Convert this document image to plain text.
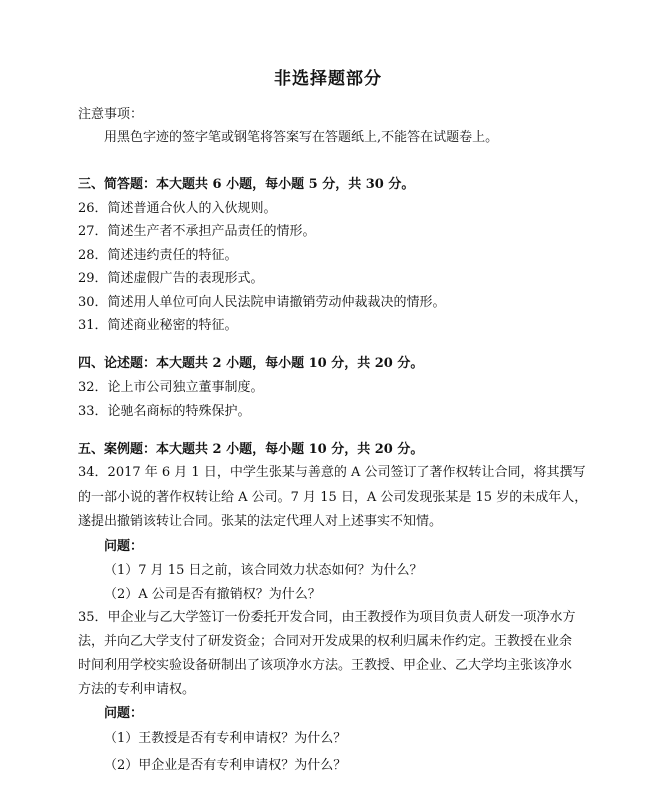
非选择题部分
注意事项：
用黑色字迹的签字笔或钢笔将答案写在答题纸上,不能答在试题卷上。
三、简答题：本大题共 6 小题，每小题 5 分，共 30 分。
26．简述普通合伙人的入伙规则。
27．简述生产者不承担产品责任的情形。
28．简述违约责任的特征。
29．简述虚假广告的表现形式。
30．简述用人单位可向人民法院申请撤销劳动仲裁裁决的情形。
31．简述商业秘密的特征。
四、论述题：本大题共 2 小题，每小题 10 分，共 20 分。
32．论上市公司独立董事制度。
33．论驰名商标的特殊保护。
五、案例题：本大题共 2 小题，每小题 10 分，共 20 分。
34．2017 年 6 月 1 日，中学生张某与善意的 A 公司签订了著作权转让合同，将其撰写
的一部小说的著作权转让给 A 公司。7 月 15 日，A 公司发现张某是 15 岁的未成年人，
遂提出撤销该转让合同。张某的法定代理人对上述事实不知情。
问题：
（1）7 月 15 日之前，该合同效力状态如何？为什么？
（2）A 公司是否有撤销权？为什么？
35．甲企业与乙大学签订一份委托开发合同，由王教授作为项目负责人研发一项净水方
法，并向乙大学支付了研发资金；合同对开发成果的权利归属未作约定。王教授在业余
时间利用学校实验设备研制出了该项净水方法。王教授、甲企业、乙大学均主张该净水
方法的专利申请权。
问题：
（1）王教授是否有专利申请权？为什么？
（2）甲企业是否有专利申请权？为什么？
